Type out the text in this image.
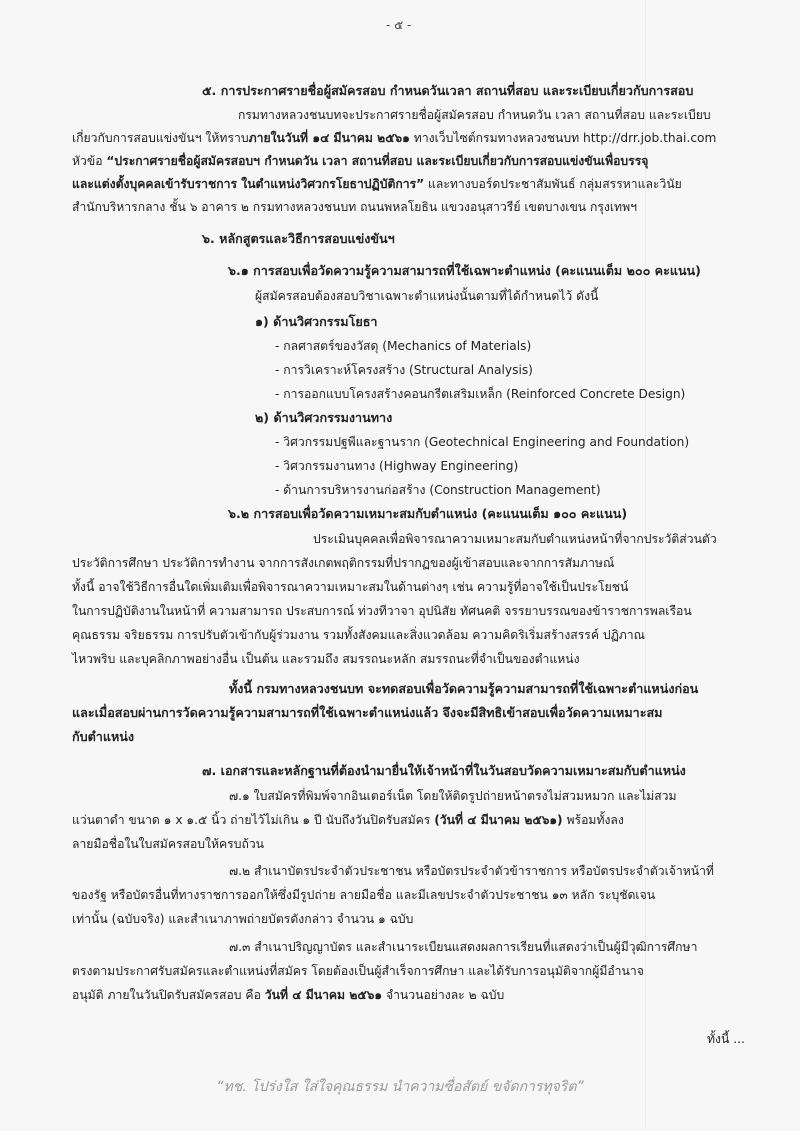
- ๕ -
๕. การประกาศรายชื่อผู้สมัครสอบ กำหนดวันเวลา สถานที่สอบ และระเบียบเกี่ยวกับการสอบ
กรมทางหลวงชนบทจะประกาศรายชื่อผู้สมัครสอบ กำหนดวัน เวลา สถานที่สอบ และระเบียบ
เกี่ยวกับการสอบแข่งขันฯ ให้ทราบภายในวันที่ ๑๔ มีนาคม ๒๕๖๑ ทางเว็บไซต์กรมทางหลวงชนบท http://drr.job.thai.com
หัวข้อ “ประกาศรายชื่อผู้สมัครสอบฯ กำหนดวัน เวลา สถานที่สอบ และระเบียบเกี่ยวกับการสอบแข่งขันเพื่อบรรจุ
และแต่งตั้งบุคคลเข้ารับราชการ ในตำแหน่งวิศวกรโยธาปฏิบัติการ” และทางบอร์ดประชาสัมพันธ์ กลุ่มสรรหาและวินัย
สำนักบริหารกลาง ชั้น ๖ อาคาร ๒ กรมทางหลวงชนบท ถนนพหลโยธิน แขวงอนุสาวรีย์ เขตบางเขน กรุงเทพฯ
๖. หลักสูตรและวิธีการสอบแข่งขันฯ
๖.๑ การสอบเพื่อวัดความรู้ความสามารถที่ใช้เฉพาะตำแหน่ง (คะแนนเต็ม ๒๐๐ คะแนน)
ผู้สมัครสอบต้องสอบวิชาเฉพาะตำแหน่งนั้นตามที่ได้กำหนดไว้ ดังนี้
๑) ด้านวิศวกรรมโยธา
- กลศาสตร์ของวัสดุ (Mechanics of Materials)
- การวิเคราะห์โครงสร้าง (Structural Analysis)
- การออกแบบโครงสร้างคอนกรีตเสริมเหล็ก (Reinforced Concrete Design)
๒) ด้านวิศวกรรมงานทาง
- วิศวกรรมปฐพีและฐานราก (Geotechnical Engineering and Foundation)
- วิศวกรรมงานทาง (Highway Engineering)
- ด้านการบริหารงานก่อสร้าง (Construction Management)
๖.๒ การสอบเพื่อวัดความเหมาะสมกับตำแหน่ง (คะแนนเต็ม ๑๐๐ คะแนน)
ประเมินบุคคลเพื่อพิจารณาความเหมาะสมกับตำแหน่งหน้าที่จากประวัติส่วนตัว
ประวัติการศึกษา ประวัติการทำงาน จากการสังเกตพฤติกรรมที่ปรากฏของผู้เข้าสอบและจากการสัมภาษณ์
ทั้งนี้ อาจใช้วิธีการอื่นใดเพิ่มเติมเพื่อพิจารณาความเหมาะสมในด้านต่างๆ เช่น ความรู้ที่อาจใช้เป็นประโยชน์
ในการปฏิบัติงานในหน้าที่ ความสามารถ ประสบการณ์ ท่วงทีวาจา อุปนิสัย ทัศนคติ จรรยาบรรณของข้าราชการพลเรือน
คุณธรรม จริยธรรม การปรับตัวเข้ากับผู้ร่วมงาน รวมทั้งสังคมและสิ่งแวดล้อม ความคิดริเริ่มสร้างสรรค์ ปฏิภาณ
ไหวพริบ และบุคลิกภาพอย่างอื่น เป็นต้น และรวมถึง สมรรถนะหลัก สมรรถนะที่จำเป็นของตำแหน่ง
ทั้งนี้ กรมทางหลวงชนบท จะทดสอบเพื่อวัดความรู้ความสามารถที่ใช้เฉพาะตำแหน่งก่อน
และเมื่อสอบผ่านการวัดความรู้ความสามารถที่ใช้เฉพาะตำแหน่งแล้ว จึงจะมีสิทธิเข้าสอบเพื่อวัดความเหมาะสม
กับตำแหน่ง
๗. เอกสารและหลักฐานที่ต้องนำมายื่นให้เจ้าหน้าที่ในวันสอบวัดความเหมาะสมกับตำแหน่ง
๗.๑ ใบสมัครที่พิมพ์จากอินเตอร์เน็ต โดยให้ติดรูปถ่ายหน้าตรงไม่สวมหมวก และไม่สวม
แว่นตาดำ ขนาด ๑ x ๑.๕ นิ้ว ถ่ายไว้ไม่เกิน ๑ ปี นับถึงวันปิดรับสมัคร (วันที่ ๔ มีนาคม ๒๕๖๑) พร้อมทั้งลง
ลายมือชื่อในใบสมัครสอบให้ครบถ้วน
๗.๒ สำเนาบัตรประจำตัวประชาชน หรือบัตรประจำตัวข้าราชการ หรือบัตรประจำตัวเจ้าหน้าที่
ของรัฐ หรือบัตรอื่นที่ทางราชการออกให้ซึ่งมีรูปถ่าย ลายมือชื่อ และมีเลขประจำตัวประชาชน ๑๓ หลัก ระบุชัดเจน
เท่านั้น (ฉบับจริง) และสำเนาภาพถ่ายบัตรดังกล่าว จำนวน ๑ ฉบับ
๗.๓ สำเนาปริญญาบัตร และสำเนาระเบียนแสดงผลการเรียนที่แสดงว่าเป็นผู้มีวุฒิการศึกษา
ตรงตามประกาศรับสมัครและตำแหน่งที่สมัคร โดยต้องเป็นผู้สำเร็จการศึกษา และได้รับการอนุมัติจากผู้มีอำนาจ
อนุมัติ ภายในวันปิดรับสมัครสอบ คือ วันที่ ๔ มีนาคม ๒๕๖๑ จำนวนอย่างละ ๒ ฉบับ
ทั้งนี้ ...
“ทช. โปร่งใส ใส่ใจคุณธรรม นำความซื่อสัตย์ ขจัดการทุจริต”
